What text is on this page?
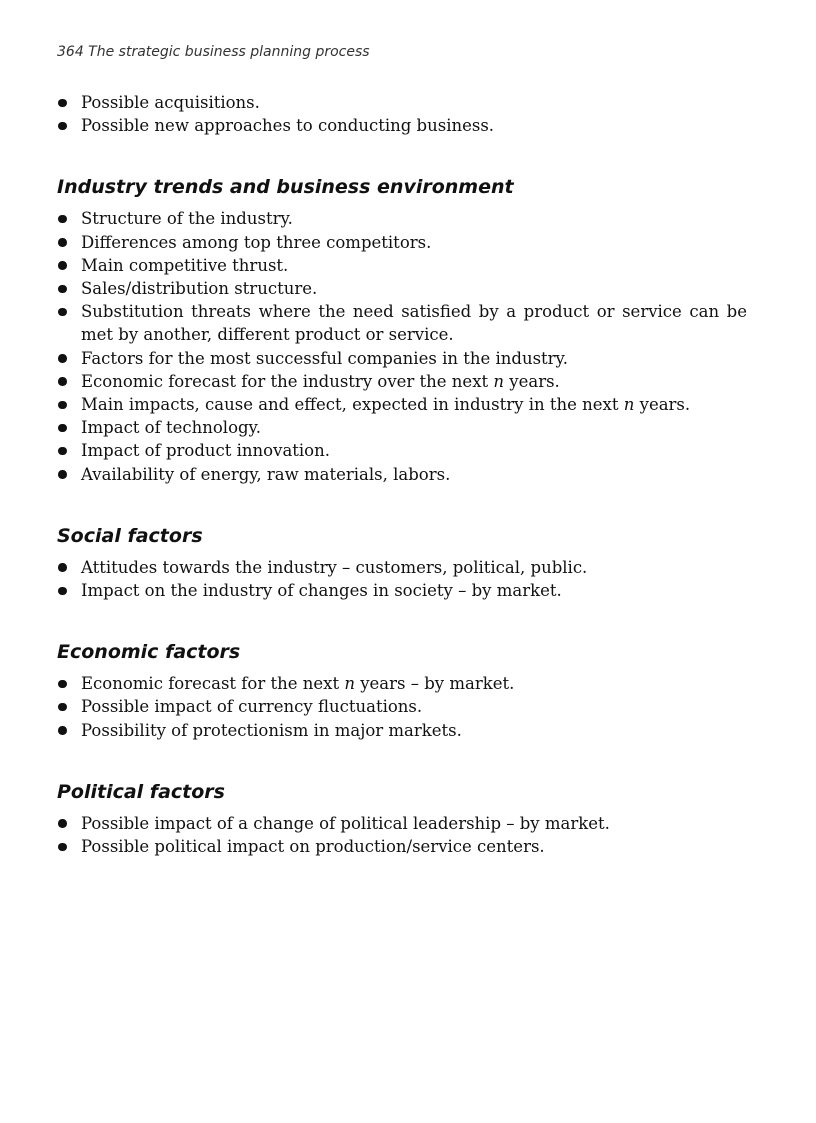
364 The strategic business planning process
Possible acquisitions.
Possible new approaches to conducting business.
Industry trends and business environment
Structure of the industry.
Differences among top three competitors.
Main competitive thrust.
Sales/distribution structure.
Substitution threats where the need satisfied by a product or service can be met by another, different product or service.
Factors for the most successful companies in the industry.
Economic forecast for the industry over the next n years.
Main impacts, cause and effect, expected in industry in the next n years.
Impact of technology.
Impact of product innovation.
Availability of energy, raw materials, labors.
Social factors
Attitudes towards the industry – customers, political, public.
Impact on the industry of changes in society – by market.
Economic factors
Economic forecast for the next n years – by market.
Possible impact of currency fluctuations.
Possibility of protectionism in major markets.
Political factors
Possible impact of a change of political leadership – by market.
Possible political impact on production/service centers.
